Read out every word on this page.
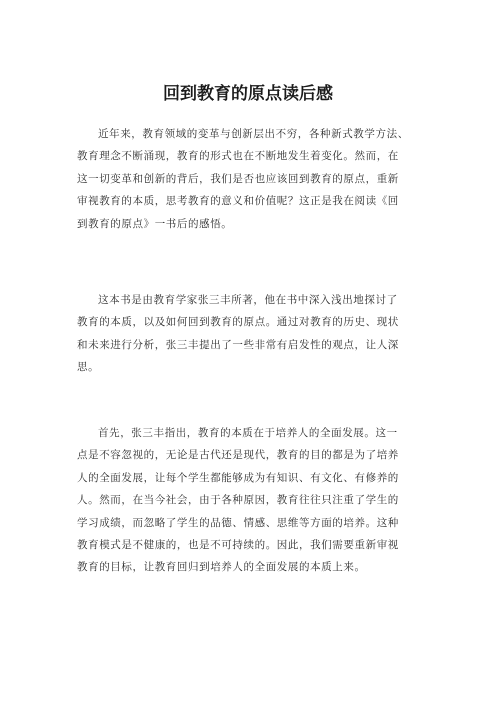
回到教育的原点读后感
近年来，教育领域的变革与创新层出不穷，各种新式教学方法、
教育理念不断涌现，教育的形式也在不断地发生着变化。然而，在
这一切变革和创新的背后，我们是否也应该回到教育的原点，重新
审视教育的本质，思考教育的意义和价值呢？这正是我在阅读《回
到教育的原点》一书后的感悟。
这本书是由教育学家张三丰所著，他在书中深入浅出地探讨了
教育的本质，以及如何回到教育的原点。通过对教育的历史、现状
和未来进行分析，张三丰提出了一些非常有启发性的观点，让人深
思。
首先，张三丰指出，教育的本质在于培养人的全面发展。这一
点是不容忽视的，无论是古代还是现代，教育的目的都是为了培养
人的全面发展，让每个学生都能够成为有知识、有文化、有修养的
人。然而，在当今社会，由于各种原因，教育往往只注重了学生的
学习成绩，而忽略了学生的品德、情感、思维等方面的培养。这种
教育模式是不健康的，也是不可持续的。因此，我们需要重新审视
教育的目标，让教育回归到培养人的全面发展的本质上来。
